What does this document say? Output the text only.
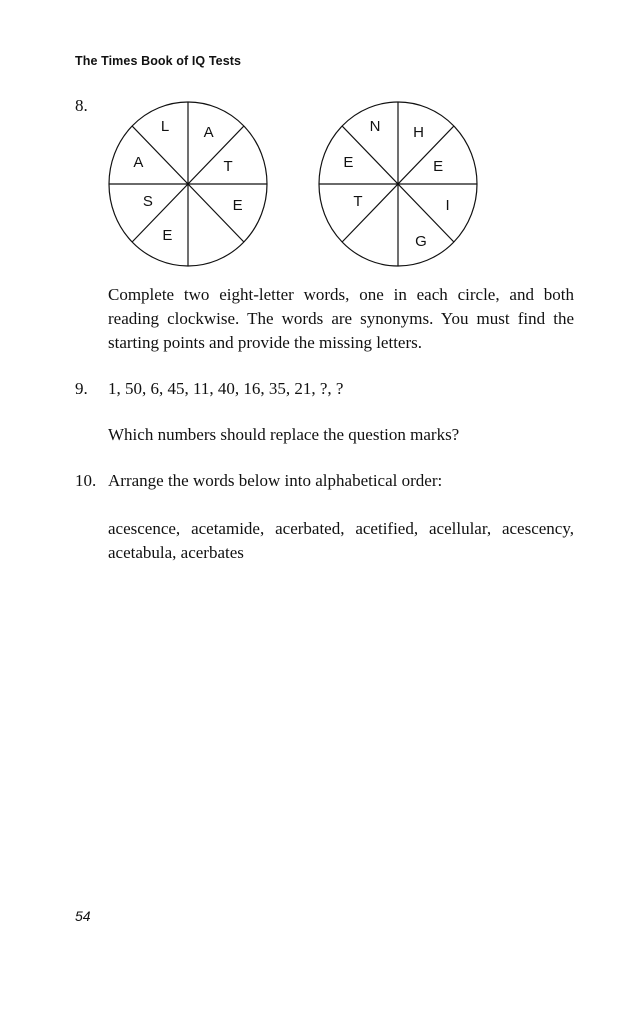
The Times Book of IQ Tests
8.
A
T
E
E
S
A
L	H
E
I
G
T
E
N
Complete two eight-letter words, one in each circle, and both reading clockwise. The words are synonyms. You must find the starting points and provide the missing letters.
9. 1, 50, 6, 45, 11, 40, 16, 35, 21, ?, ?
Which numbers should replace the question marks?
10. Arrange the words below into alphabetical order:
acescence, acetamide, acerbated, acetified, acellular, acescency, acetabula, acerbates
54
